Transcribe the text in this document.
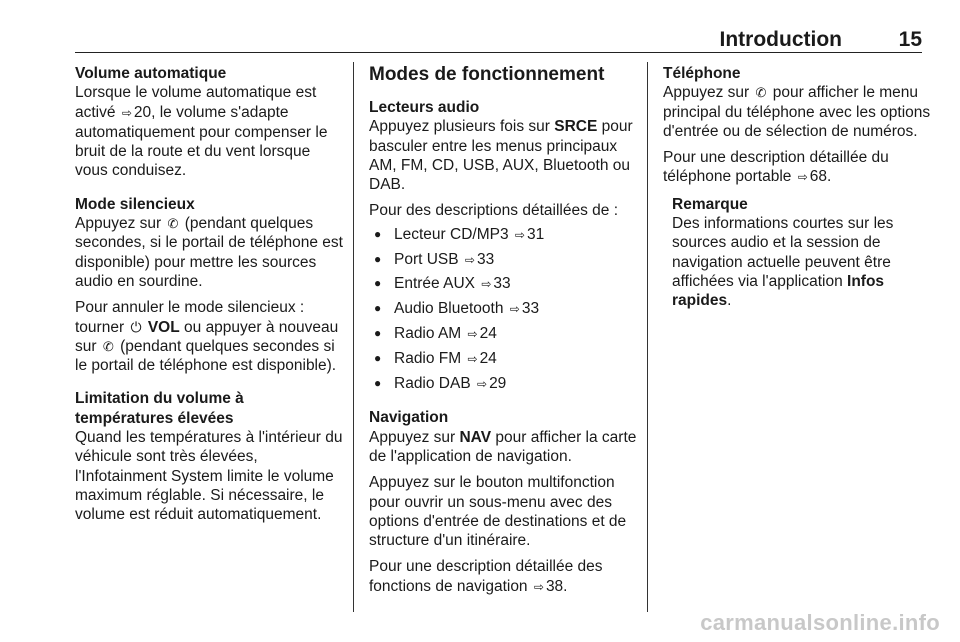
Introduction	15
Volume automatique

Lorsque le volume automatique est activé ⇨ 20, le volume s'adapte automatiquement pour compenser le bruit de la route et du vent lorsque vous conduisez.

Mode silencieux

Appuyez sur ✆ (pendant quelques secondes, si le portail de téléphone est disponible) pour mettre les sources audio en sourdine.

Pour annuler le mode silencieux : tourner ⏻ VOL ou appuyer à nouveau sur ✆ (pendant quelques secondes si le portail de téléphone est disponible).

Limitation du volume à températures élevées

Quand les températures à l'intérieur du véhicule sont très élevées, l'Infotainment System limite le volume maximum réglable. Si nécessaire, le volume est réduit automatiquement.

Modes de fonctionnement
Lecteurs audio

Appuyez plusieurs fois sur SRCE pour basculer entre les menus principaux AM, FM, CD, USB, AUX, Bluetooth ou DAB.

Pour des descriptions détaillées de :

● Lecteur CD/MP3 ⇨ 31
● Port USB ⇨ 33
● Entrée AUX ⇨ 33
● Audio Bluetooth ⇨ 33
● Radio AM ⇨ 24
● Radio FM ⇨ 24
● Radio DAB ⇨ 29
Navigation

Appuyez sur NAV pour afficher la carte de l'application de navigation.

Appuyez sur le bouton multifonction pour ouvrir un sous-menu avec des options d'entrée de destinations et de structure d'un itinéraire.

Pour une description détaillée des fonctions de navigation ⇨ 38.

Téléphone

Appuyez sur ✆ pour afficher le menu principal du téléphone avec les options d'entrée ou de sélection de numéros.

Pour une description détaillée du téléphone portable ⇨ 68.

Remarque

Des informations courtes sur les sources audio et la session de navigation actuelle peuvent être affichées via l'application Infos rapides.

carmanualsonline.info
